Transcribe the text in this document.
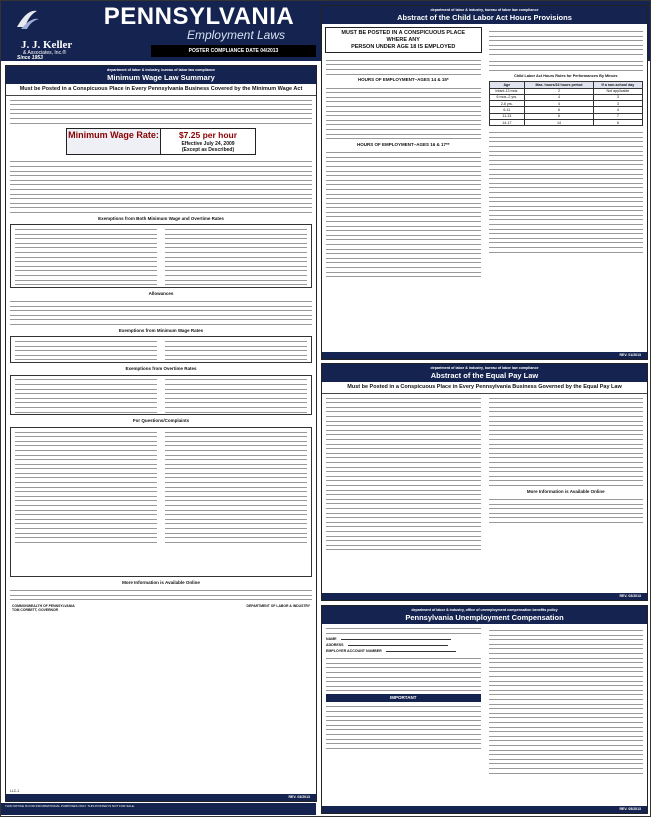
J. J. Keller
& Associates, Inc.®
PENNSYLVANIA
Employment Laws
POSTER COMPLIANCE DATE 04/2013
Since 1953
department of labor & industry, bureau of labor law compliance
Minimum Wage Law Summary
Must be Posted in a Conspicuous Place in Every Pennsylvania Business Covered by the Minimum Wage Act
Minimum Wage Rate:	$7.25 per hour
Effective July 24, 2009
(Except as Described)
Exemptions from Both Minimum Wage and Overtime Rates
Allowances
Exemptions from Minimum Wage Rates
Exemptions from Overtime Rates
For Questions/Complaints
More Information is Available Online
COMMONWEALTH OF PENNSYLVANIA
TOM CORBETT, GOVERNOR
DEPARTMENT OF LABOR & INDUSTRY
REV. 03/2013
LLC-1
department of labor & industry, bureau of labor law compliance
Abstract of the Child Labor Act Hours Provisions
MUST BE POSTED IN A CONSPICUOUS PLACE
WHERE ANY
PERSON UNDER AGE 18 IS EMPLOYED
HOURS OF EMPLOYMENT–AGES 14 & 15*
HOURS OF EMPLOYMENT–AGES 16 & 17**
Child Labor Act Hours Rules for Performances By Minors
Age	Max. hours/24 hours period	If a non-school day
Infant-13 mos.	2	Not applicable
6 mos.-2 yrs.	4	3
2-6 yrs.	4	3
6-11	6	4
11-13	6	7
14-17	14	8
REV. 01/2013
department of labor & industry, bureau of labor law compliance
Abstract of the Equal Pay Law
Must be Posted in a Conspicuous Place in Every Pennsylvania Business Governed by the Equal Pay Law
More Information is Available Online
REV. 03/2013
department of labor & industry, office of unemployment compensation benefits policy
Pennsylvania Unemployment Compensation
NAME
ADDRESS
EMPLOYER ACCOUNT NUMBER
IMPORTANT
REV. 05/2013
THIS NOTICE IS FOR INFORMATIONAL PURPOSES ONLY. THIS POSTER IS NOT FOR SALE.
